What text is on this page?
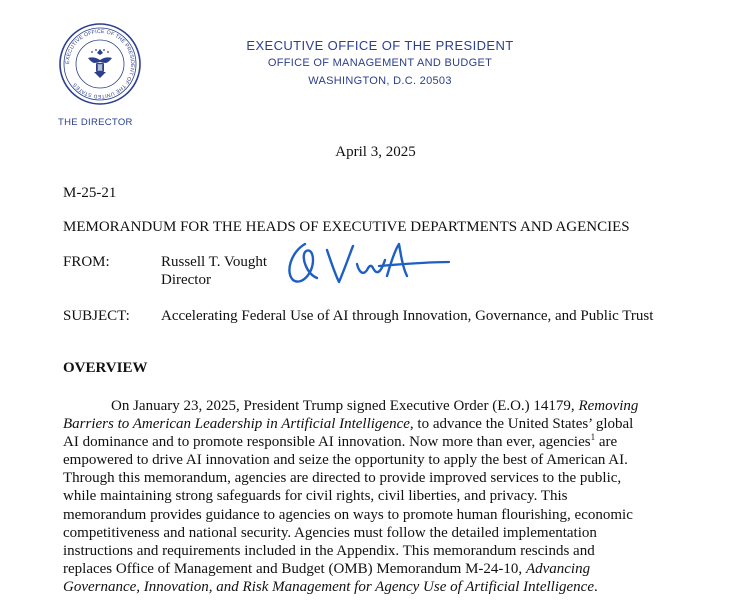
EXECUTIVE OFFICE OF THE PRESIDENT OF THE UNITED STATES
THE DIRECTOR
EXECUTIVE OFFICE OF THE PRESIDENT
OFFICE OF MANAGEMENT AND BUDGET
WASHINGTON, D.C. 20503
April 3, 2025
M-25-21
MEMORANDUM FOR THE HEADS OF EXECUTIVE DEPARTMENTS AND AGENCIES
FROM:	Russell T. Vought
Director
SUBJECT: Accelerating Federal Use of AI through Innovation, Governance, and Public Trust
OVERVIEW
On January 23, 2025, President Trump signed Executive Order (E.O.) 14179, Removing
Barriers to American Leadership in Artificial Intelligence, to advance the United States’ global
AI dominance and to promote responsible AI innovation. Now more than ever, agencies$^1$ are
empowered to drive AI innovation and seize the opportunity to apply the best of American AI.
Through this memorandum, agencies are directed to provide improved services to the public,
while maintaining strong safeguards for civil rights, civil liberties, and privacy. This
memorandum provides guidance to agencies on ways to promote human flourishing, economic
competitiveness and national security. Agencies must follow the detailed implementation
instructions and requirements included in the Appendix. This memorandum rescinds and
replaces Office of Management and Budget (OMB) Memorandum M-24-10, Advancing
Governance, Innovation, and Risk Management for Agency Use of Artificial Intelligence.
